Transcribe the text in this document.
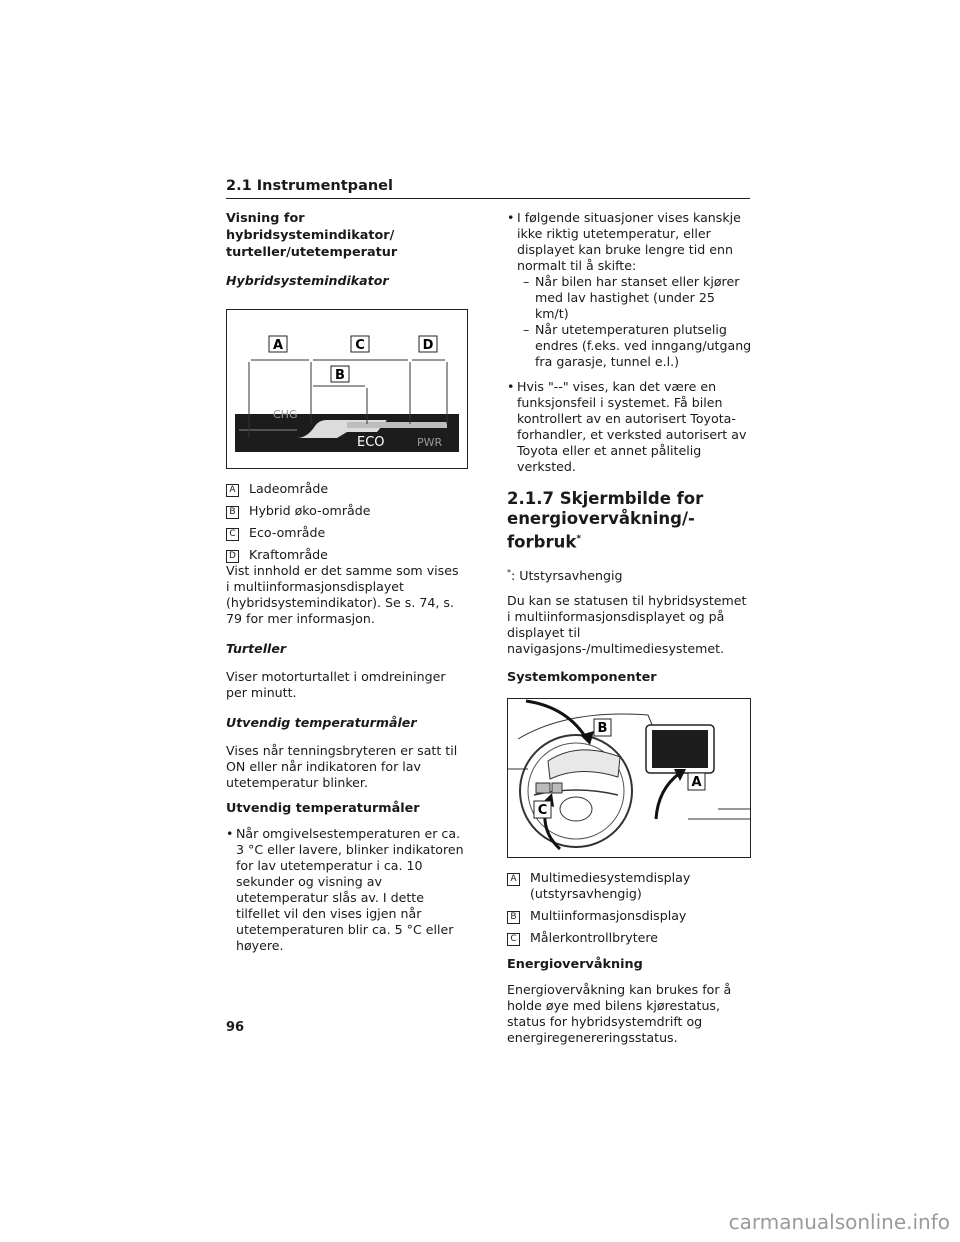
2.1 Instrumentpanel

Visning for hybridsystemindikator/ turteller/utetemperatur

Hybridsystemindikator

A	C	D
B
CHG
ECO	PWR
A Ladeområde
B Hybrid øko-område
C Eco-område
D Kraftområde

Vist innhold er det samme som vises i multiinformasjonsdisplayet (hybridsystemindikator). Se s. 74, s. 79 for mer informasjon.

Turteller

Viser motorturtallet i omdreininger per minutt.

Utvendig temperaturmåler

Vises når tenningsbryteren er satt til ON eller når indikatoren for lav utetemperatur blinker.

Utvendig temperaturmåler

• Når omgivelsestemperaturen er ca. 3 °C eller lavere, blinker indikatoren for lav utetemperatur i ca. 10 sekunder og visning av utetemperatur slås av. I dette tilfellet vil den vises igjen når utetemperaturen blir ca. 5 °C eller høyere.
• I følgende situasjoner vises kanskje ikke riktig utetemperatur, eller displayet kan bruke lengre tid enn normalt til å skifte:
– Når bilen har stanset eller kjører med lav hastighet (under 25 km/t)
– Når utetemperaturen plutselig endres (f.eks. ved inngang/utgang fra garasje, tunnel e.l.)
• Hvis "--" vises, kan det være en funksjonsfeil i systemet. Få bilen kontrollert av en autorisert Toyota-forhandler, et verksted autorisert av Toyota eller et annet pålitelig verksted.
2.1.7 Skjermbilde for energiovervåkning/-forbruk*

*: Utstyrsavhengig

Du kan se statusen til hybridsystemet i multiinformasjonsdisplayet og på displayet til navigasjons-/multimediesystemet.

Systemkomponenter

B
A
C
A Multimediesystemdisplay (utstyrsavhengig)
B Multiinformasjonsdisplay
C Målerkontrollbrytere

Energiovervåkning

Energiovervåkning kan brukes for å holde øye med bilens kjørestatus, status for hybridsystemdrift og energiregenereringsstatus.

96
carmanualsonline.info
